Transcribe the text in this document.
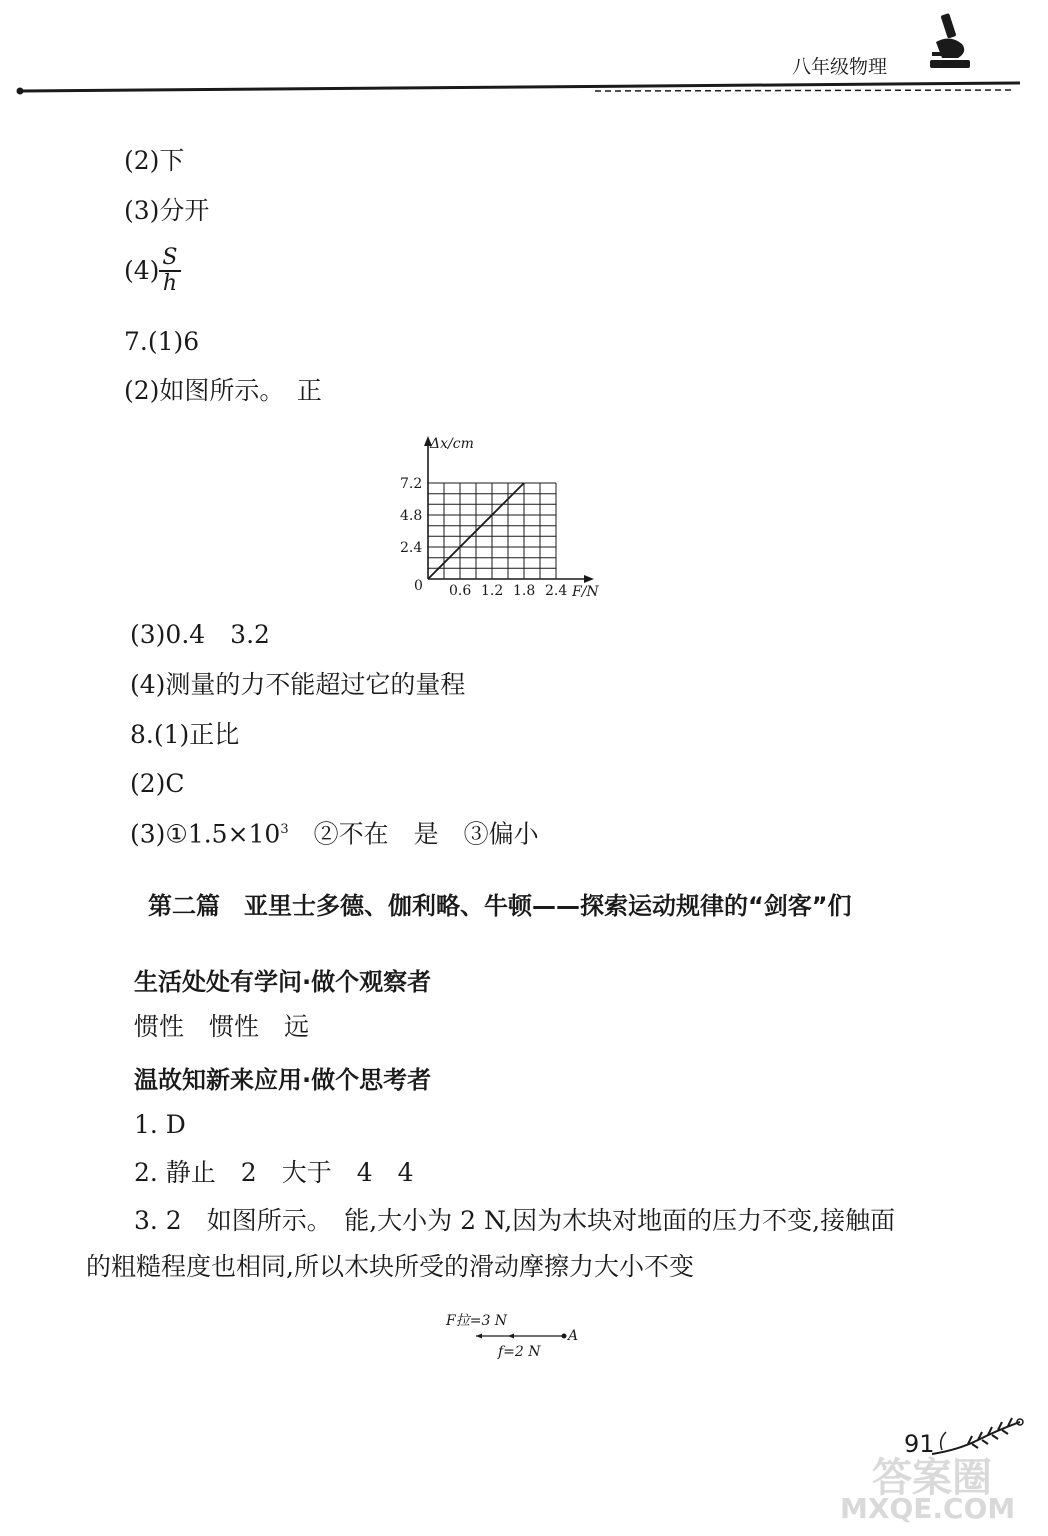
八年级物理
(2)下
(3)分开
$(4) \frac{S}{h}$
7.(1)6
(2)如图所示。　正
Δx/cm
7.2
4.8
2.4
0 0.6 1.2 1.8 2.4 F/N
(3)0.4　3.2
(4)测量的力不能超过它的量程
8.(1)正比
(2)C
$(3)①1.5\times 10^3$　②不在　是　③偏小
第二篇　亚里士多德、伽利略、牛顿——探索运动规律的“剑客”们
生活处处有学问·做个观察者
惯性　惯性　远
温故知新来应用·做个思考者
1. D
2. 静止　2　大于　4　4
3. 2　如图所示。　能,大小为 2 N,因为木块对地面的压力不变,接触面
的粗糙程度也相同,所以木块所受的滑动摩擦力大小不变
F拉=3 N
A
f=2 N
91
答案圈
MXQE.COM
